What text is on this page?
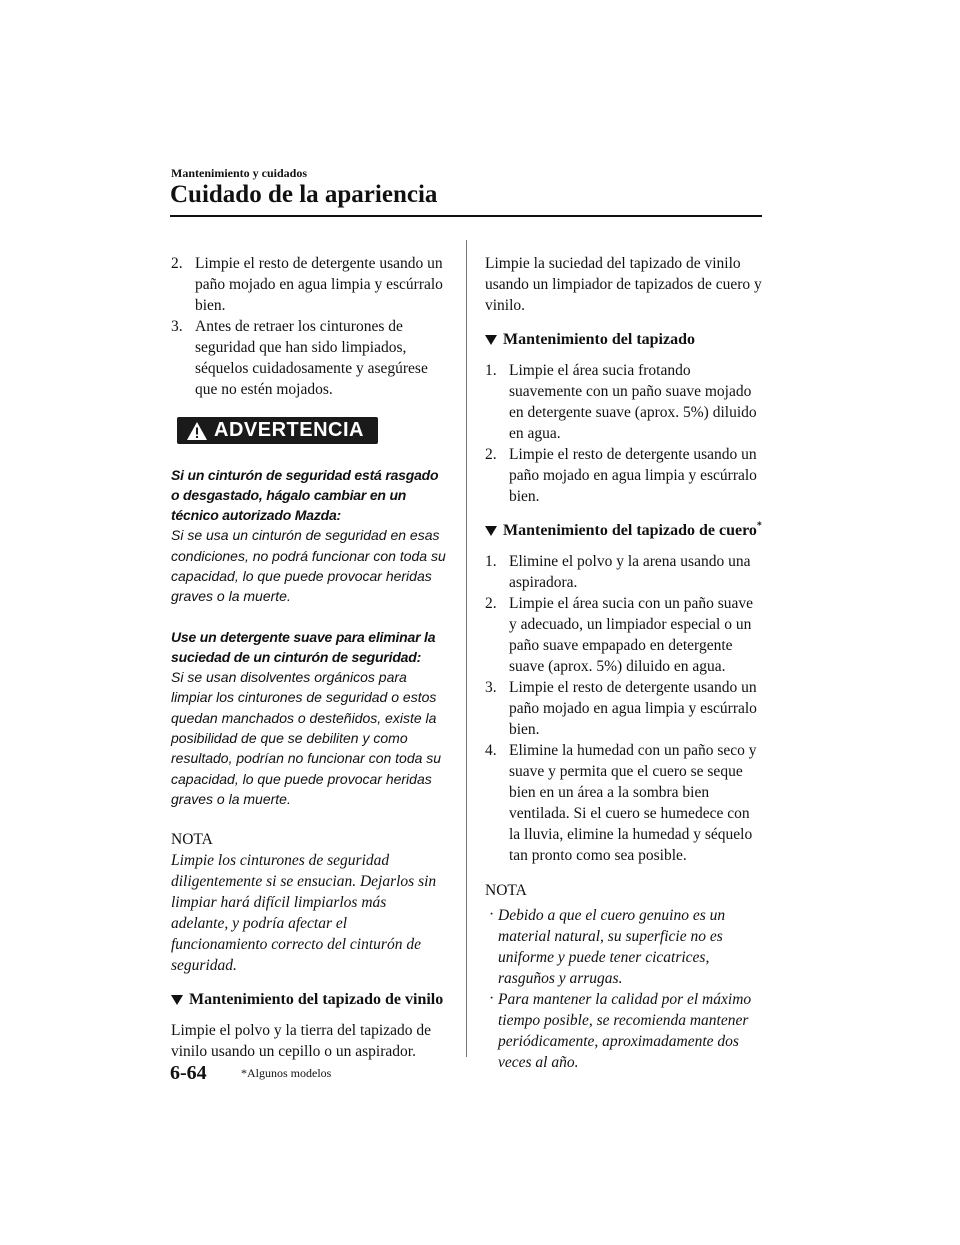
Mantenimiento y cuidados
Cuidado de la apariencia
2. Limpie el resto de detergente usando un paño mojado en agua limpia y escúrralo bien.
3. Antes de retraer los cinturones de seguridad que han sido limpiados, séquelos cuidadosamente y asegúrese que no estén mojados.
ADVERTENCIA
Si un cinturón de seguridad está rasgado o desgastado, hágalo cambiar en un técnico autorizado Mazda:
Si se usa un cinturón de seguridad en esas condiciones, no podrá funcionar con toda su capacidad, lo que puede provocar heridas graves o la muerte.
Use un detergente suave para eliminar la suciedad de un cinturón de seguridad:
Si se usan disolventes orgánicos para limpiar los cinturones de seguridad o estos quedan manchados o desteñidos, existe la posibilidad de que se debiliten y como resultado, podrían no funcionar con toda su capacidad, lo que puede provocar heridas graves o la muerte.
NOTA
Limpie los cinturones de seguridad diligentemente si se ensucian. Dejarlos sin limpiar hará difícil limpiarlos más adelante, y podría afectar el funcionamiento correcto del cinturón de seguridad.
Mantenimiento del tapizado de vinilo
Limpie el polvo y la tierra del tapizado de vinilo usando un cepillo o un aspirador.
Limpie la suciedad del tapizado de vinilo usando un limpiador de tapizados de cuero y vinilo.
Mantenimiento del tapizado
1. Limpie el área sucia frotando suavemente con un paño suave mojado en detergente suave (aprox. 5%) diluido en agua.
2. Limpie el resto de detergente usando un paño mojado en agua limpia y escúrralo bien.
Mantenimiento del tapizado de cuero*
1. Elimine el polvo y la arena usando una aspiradora.
2. Limpie el área sucia con un paño suave y adecuado, un limpiador especial o un paño suave empapado en detergente suave (aprox. 5%) diluido en agua.
3. Limpie el resto de detergente usando un paño mojado en agua limpia y escúrralo bien.
4. Elimine la humedad con un paño seco y suave y permita que el cuero se seque bien en un área a la sombra bien ventilada. Si el cuero se humedece con la lluvia, elimine la humedad y séquelo tan pronto como sea posible.
NOTA
· Debido a que el cuero genuino es un material natural, su superficie no es uniforme y puede tener cicatrices, rasguños y arrugas.
· Para mantener la calidad por el máximo tiempo posible, se recomienda mantener periódicamente, aproximadamente dos veces al año.
6-64	*Algunos modelos
